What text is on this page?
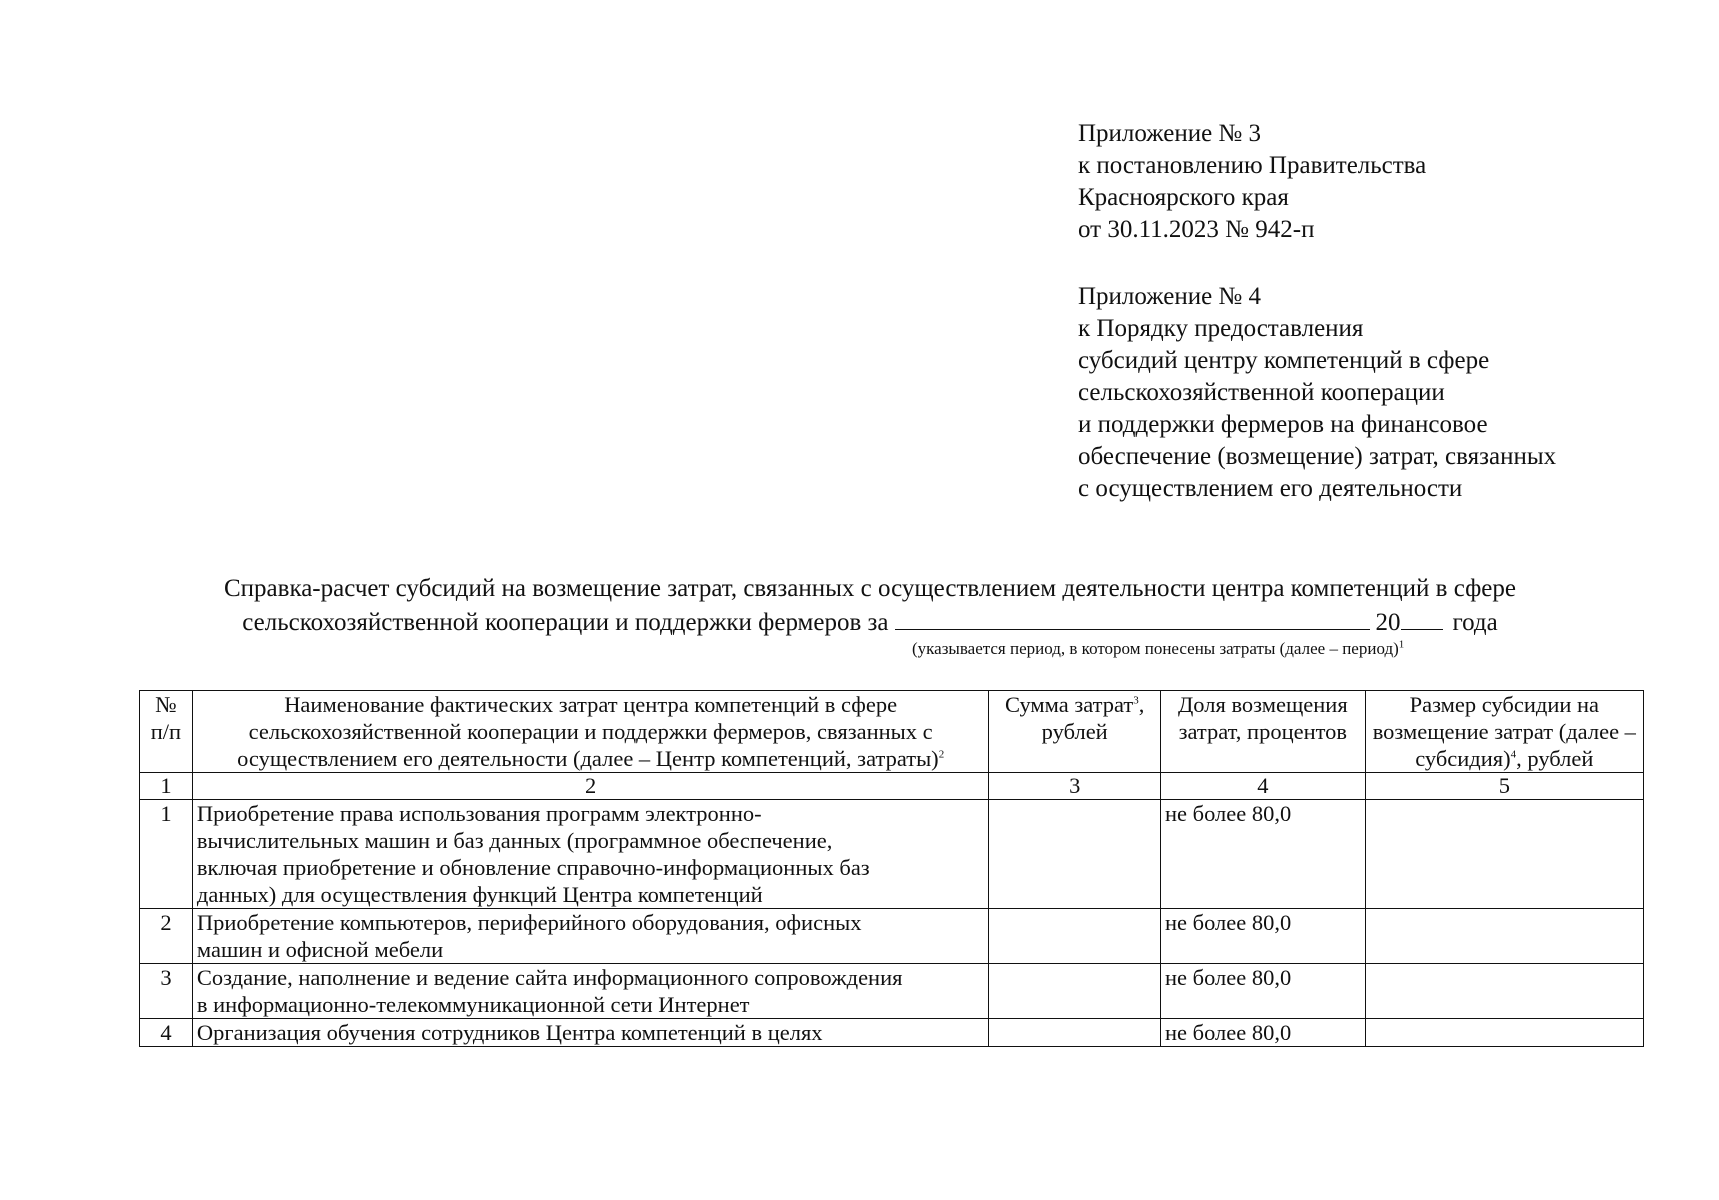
Приложение № 3
к постановлению Правительства
Красноярского края
от 30.11.2023 № 942-п
Приложение № 4
к Порядку предоставления
субсидий центру компетенций в сфере
сельскохозяйственной кооперации
и поддержки фермеров на финансовое
обеспечение (возмещение) затрат, связанных
с осуществлением его деятельности
Справка-расчет субсидий на возмещение затрат, связанных с осуществлением деятельности центра компетенций в сфере
сельскохозяйственной кооперации и поддержки фермеров за	20 года
(указывается период, в котором понесены затраты (далее – период)$^1$
№ п/п	Наименование фактических затрат центра компетенций в сфере сельскохозяйственной кооперации и поддержки фермеров, связанных с осуществлением его деятельности (далее – Центр компетенций, затраты)$^2$	Сумма затрат$^3$, рублей	Доля возмещения затрат, процентов	Размер субсидии на возмещение затрат (далее – субсидия)$^4$, рублей
1	2	3	4	5
1	Приобретение права использования программ электронно-
вычислительных машин и баз данных (программное обеспечение,
включая приобретение и обновление справочно-информационных баз
данных) для осуществления функций Центра компетенций		не более 80,0	
2	Приобретение компьютеров, периферийного оборудования, офисных
машин и офисной мебели		не более 80,0	
3	Создание, наполнение и ведение сайта информационного сопровождения
в информационно-телекоммуникационной сети Интернет		не более 80,0	
4	Организация обучения сотрудников Центра компетенций в целях		не более 80,0	
